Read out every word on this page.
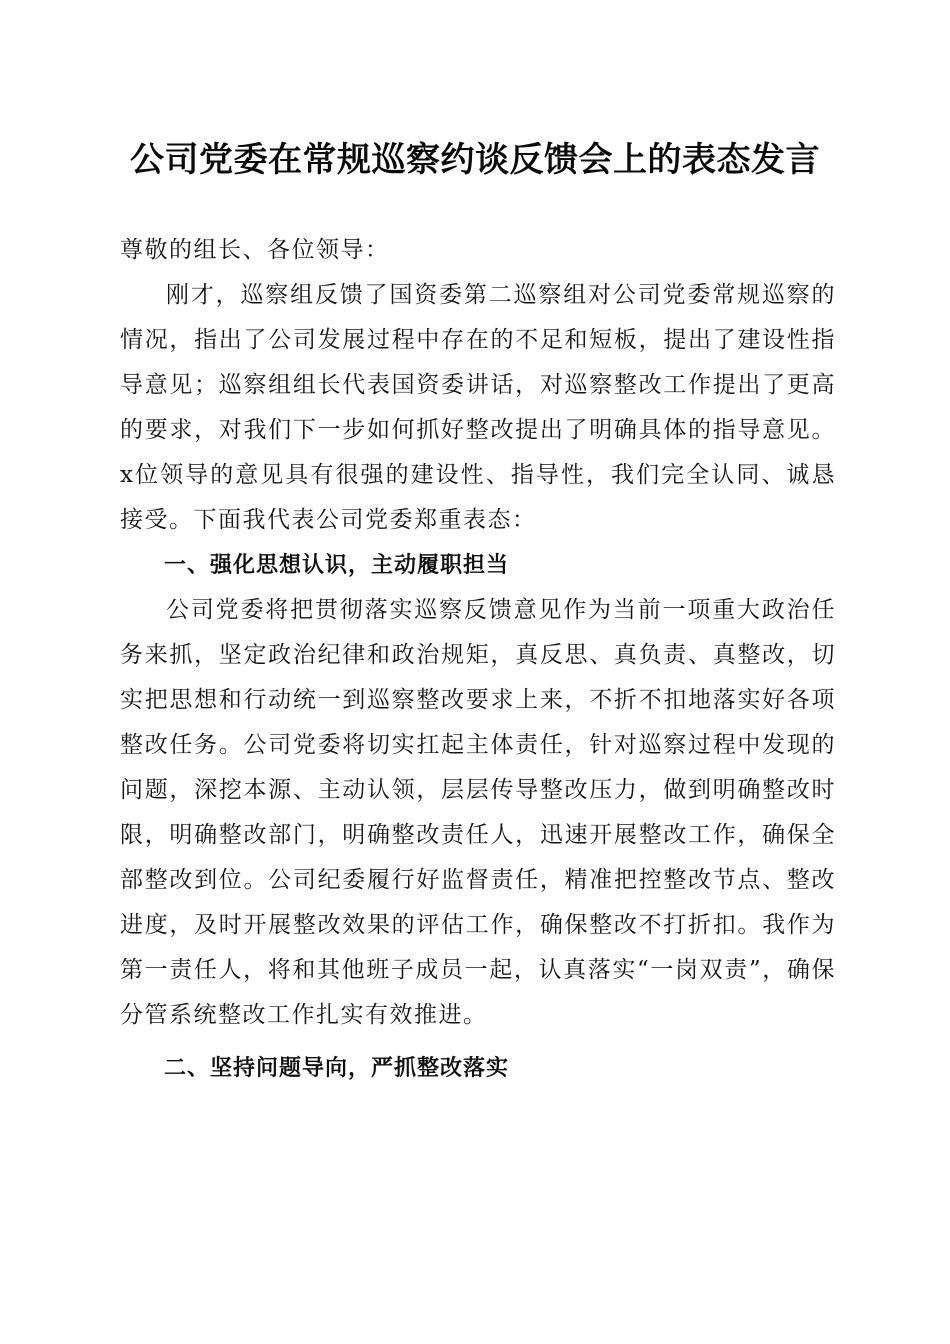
公司党委在常规巡察约谈反馈会上的表态发言

尊敬的组长、各位领导：

刚才，巡察组反馈了国资委第二巡察组对公司党委常规巡察的情况，指出了公司发展过程中存在的不足和短板，提出了建设性指导意见；巡察组组长代表国资委讲话，对巡察整改工作提出了更高的要求，对我们下一步如何抓好整改提出了明确具体的指导意见。x位领导的意见具有很强的建设性、指导性，我们完全认同、诚恳接受。下面我代表公司党委郑重表态：

一、强化思想认识，主动履职担当

公司党委将把贯彻落实巡察反馈意见作为当前一项重大政治任务来抓，坚定政治纪律和政治规矩，真反思、真负责、真整改，切实把思想和行动统一到巡察整改要求上来，不折不扣地落实好各项整改任务。公司党委将切实扛起主体责任，针对巡察过程中发现的问题，深挖本源、主动认领，层层传导整改压力，做到明确整改时限，明确整改部门，明确整改责任人，迅速开展整改工作，确保全部整改到位。公司纪委履行好监督责任，精准把控整改节点、整改进度，及时开展整改效果的评估工作，确保整改不打折扣。我作为第一责任人，将和其他班子成员一起，认真落实“一岗双责”，确保分管系统整改工作扎实有效推进。

二、坚持问题导向，严抓整改落实
